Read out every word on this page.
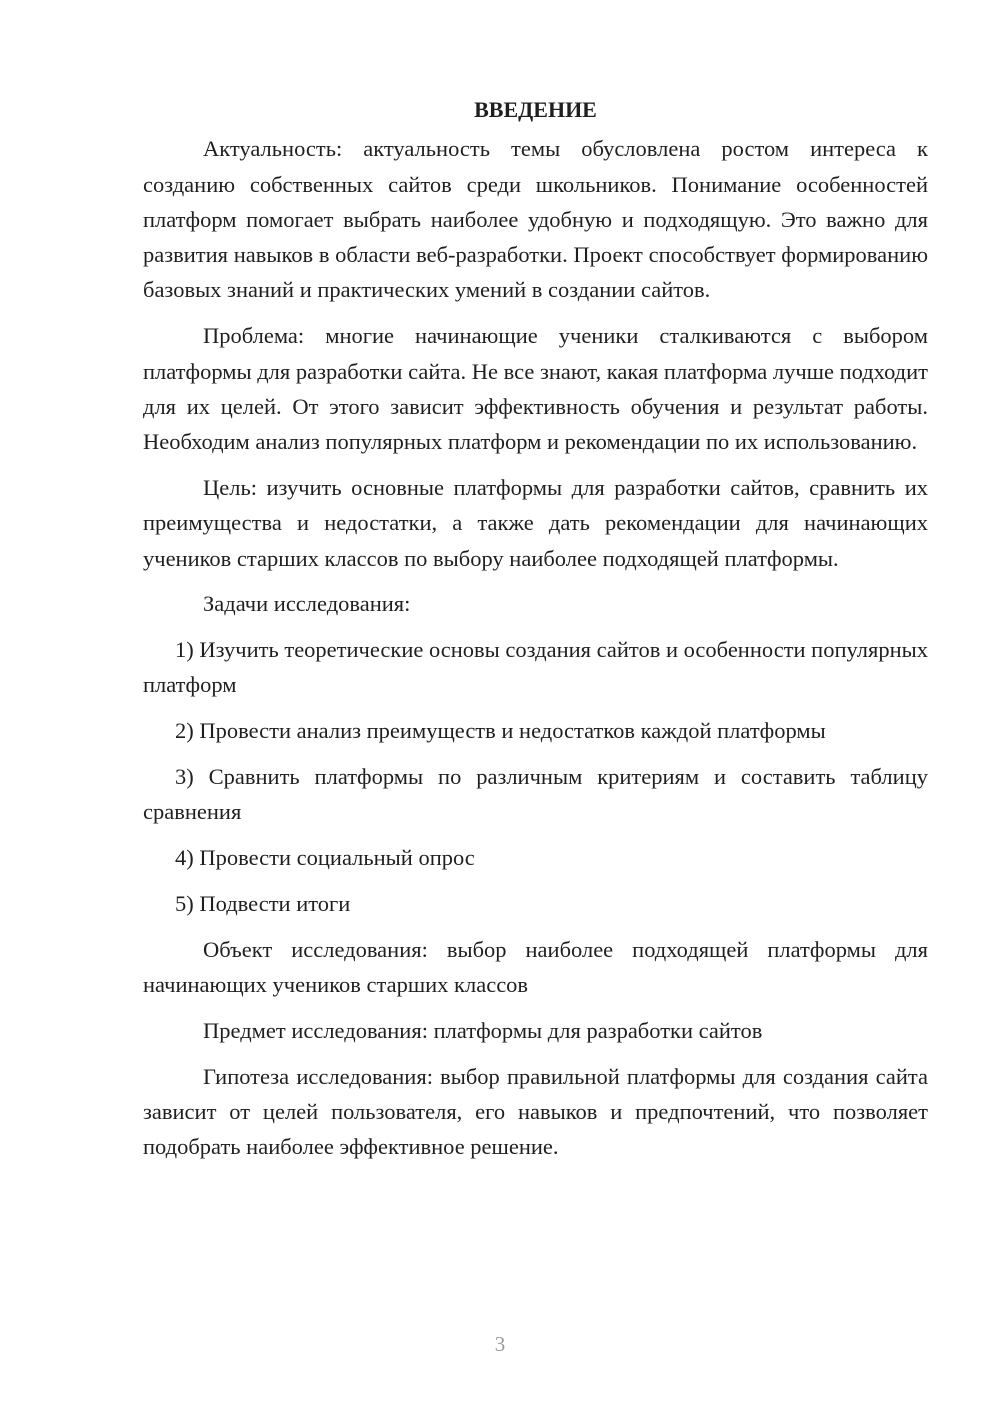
ВВЕДЕНИЕ

Актуальность: актуальность темы обусловлена ростом интереса к созданию собственных сайтов среди школьников. Понимание особенностей платформ помогает выбрать наиболее удобную и подходящую. Это важно для развития навыков в области веб-разработки. Проект способствует формированию базовых знаний и практических умений в создании сайтов.

Проблема: многие начинающие ученики сталкиваются с выбором платформы для разработки сайта. Не все знают, какая платформа лучше подходит для их целей. От этого зависит эффективность обучения и результат работы. Необходим анализ популярных платформ и рекомендации по их использованию.

Цель: изучить основные платформы для разработки сайтов, сравнить их преимущества и недостатки, а также дать рекомендации для начинающих учеников старших классов по выбору наиболее подходящей платформы.

Задачи исследования:

1) Изучить теоретические основы создания сайтов и особенности популярных платформ

2) Провести анализ преимуществ и недостатков каждой платформы

3) Сравнить платформы по различным критериям и составить таблицу сравнения

4) Провести социальный опрос

5) Подвести итоги

Объект исследования: выбор наиболее подходящей платформы для начинающих учеников старших классов

Предмет исследования: платформы для разработки сайтов

Гипотеза исследования: выбор правильной платформы для создания сайта зависит от целей пользователя, его навыков и предпочтений, что позволяет подобрать наиболее эффективное решение.

3
